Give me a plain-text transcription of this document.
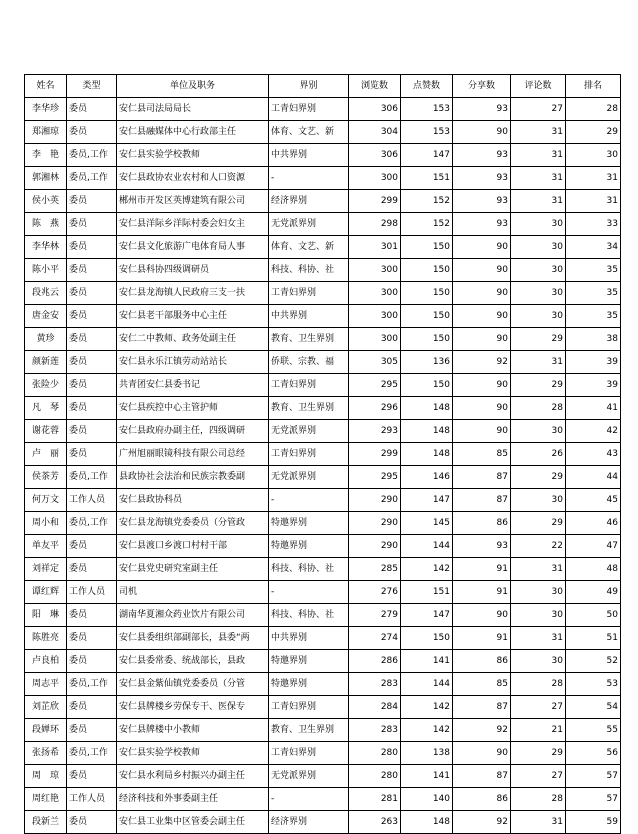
姓名	类型	单位及职务	界别	浏览数	点赞数	分享数	评论数	排名
李华珍	委员	安仁县司法局局长	工青妇界别	306	153	93	27	28
郑湘琼	委员	安仁县融媒体中心行政部主任	体育、文艺、新	304	153	90	31	29
李　艳	委员,工作	安仁县实验学校教师	中共界别	306	147	93	31	30
郭湘林	委员,工作	安仁县政协农业农村和人口资源	-	300	151	93	31	31
侯小英	委员	郴州市开发区英博建筑有限公司	经济界别	299	152	93	31	31
陈　燕	委员	安仁县洋际乡洋际村委会妇女主	无党派界别	298	152	93	30	33
李华林	委员	安仁县文化旅游广电体育局人事	体育、文艺、新	301	150	90	30	34
陈小平	委员	安仁县科协四级调研员	科技、科协、社	300	150	90	30	35
段兆云	委员	安仁县龙海镇人民政府三支一扶	工青妇界别	300	150	90	30	35
唐金安	委员	安仁县老干部服务中心主任	中共界别	300	150	90	30	35
黄珍	委员	安仁二中教师、政务处副主任	教育、卫生界别	300	150	90	29	38
颜新莲	委员	安仁县永乐江镇劳动站站长	侨联、宗教、福	305	136	92	31	39
张险少	委员	共青团安仁县委书记	工青妇界别	295	150	90	29	39
凡　琴	委员	安仁县疾控中心主管护师	教育、卫生界别	296	148	90	28	41
谢花蓉	委员	安仁县政府办副主任，四级调研	无党派界别	293	148	90	30	42
卢　丽	委员	广州旭丽眼镜科技有限公司总经	工青妇界别	299	148	85	26	43
侯茶芳	委员,工作	县政协社会法治和民族宗教委副	无党派界别	295	146	87	29	44
何万文	工作人员	安仁县政协科员	-	290	147	87	30	45
周小和	委员,工作	安仁县龙海镇党委委员（分管政	特邀界别	290	145	86	29	46
单友平	委员	安仁县渡口乡渡口村村干部	特邀界别	290	144	93	22	47
刘祥定	委员	安仁县党史研究室副主任	科技、科协、社	285	142	91	31	48
谭红辉	工作人员	司机	-	276	151	91	30	49
阳　琳	委员	湖南华夏湘众药业饮片有限公司	科技、科协、社	279	147	90	30	50
陈胜亮	委员	安仁县委组织部副部长，县委“两	中共界别	274	150	91	31	51
卢良柏	委员	安仁县委常委、统战部长，县政	特邀界别	286	141	86	30	52
周志平	委员,工作	安仁县金紫仙镇党委委员（分管	特邀界别	283	144	85	28	53
刘芷欣	委员	安仁县牌楼乡劳保专干、医保专	工青妇界别	284	142	87	27	54
段婵环	委员	安仁县牌楼中小教师	教育、卫生界别	283	142	92	21	55
张扬希	委员,工作	安仁县实验学校教师	工青妇界别	280	138	90	29	56
周　琼	委员	安仁县水利局乡村振兴办副主任	无党派界别	280	141	87	27	57
周红艳	工作人员	经济科技和外事委副主任	-	281	140	86	28	57
段新兰	委员	安仁县工业集中区管委会副主任	经济界别	263	148	92	31	59
